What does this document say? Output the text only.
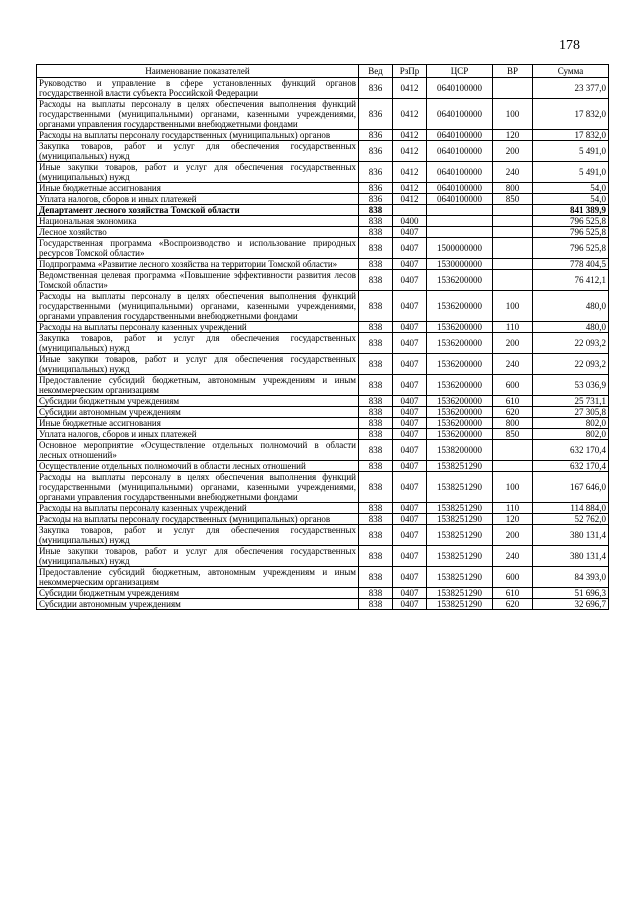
178
Наименование показателей	Вед	РзПр	ЦСР	ВР	Сумма
Руководство и управление в сфере установленных функций органов государственной власти субъекта Российской Федерации	836	0412	0640100000		23 377,0
Расходы на выплаты персоналу в целях обеспечения выполнения функций государственными (муниципальными) органами, казенными учреждениями, органами управления государственными внебюджетными фондами	836	0412	0640100000	100	17 832,0
Расходы на выплаты персоналу государственных (муниципальных) органов	836	0412	0640100000	120	17 832,0
Закупка товаров, работ и услуг для обеспечения государственных (муниципальных) нужд	836	0412	0640100000	200	5 491,0
Иные закупки товаров, работ и услуг для обеспечения государственных (муниципальных) нужд	836	0412	0640100000	240	5 491,0
Иные бюджетные ассигнования	836	0412	0640100000	800	54,0
Уплата налогов, сборов и иных платежей	836	0412	0640100000	850	54,0
Департамент лесного хозяйства Томской области	838				841 389,9
Национальная экономика	838	0400			796 525,8
Лесное хозяйство	838	0407			796 525,8
Государственная программа «Воспроизводство и использование природных ресурсов Томской области»	838	0407	1500000000		796 525,8
Подпрограмма «Развитие лесного хозяйства на территории Томской области»	838	0407	1530000000		778 404,5
Ведомственная целевая программа «Повышение эффективности развития лесов Томской области»	838	0407	1536200000		76 412,1
Расходы на выплаты персоналу в целях обеспечения выполнения функций государственными (муниципальными) органами, казенными учреждениями, органами управления государственными внебюджетными фондами	838	0407	1536200000	100	480,0
Расходы на выплаты персоналу казенных учреждений	838	0407	1536200000	110	480,0
Закупка товаров, работ и услуг для обеспечения государственных (муниципальных) нужд	838	0407	1536200000	200	22 093,2
Иные закупки товаров, работ и услуг для обеспечения государственных (муниципальных) нужд	838	0407	1536200000	240	22 093,2
Предоставление субсидий бюджетным, автономным учреждениям и иным некоммерческим организациям	838	0407	1536200000	600	53 036,9
Субсидии бюджетным учреждениям	838	0407	1536200000	610	25 731,1
Субсидии автономным учреждениям	838	0407	1536200000	620	27 305,8
Иные бюджетные ассигнования	838	0407	1536200000	800	802,0
Уплата налогов, сборов и иных платежей	838	0407	1536200000	850	802,0
Основное мероприятие «Осуществление отдельных полномочий в области лесных отношений»	838	0407	1538200000		632 170,4
Осуществление отдельных полномочий в области лесных отношений	838	0407	1538251290		632 170,4
Расходы на выплаты персоналу в целях обеспечения выполнения функций государственными (муниципальными) органами, казенными учреждениями, органами управления государственными внебюджетными фондами	838	0407	1538251290	100	167 646,0
Расходы на выплаты персоналу казенных учреждений	838	0407	1538251290	110	114 884,0
Расходы на выплаты персоналу государственных (муниципальных) органов	838	0407	1538251290	120	52 762,0
Закупка товаров, работ и услуг для обеспечения государственных (муниципальных) нужд	838	0407	1538251290	200	380 131,4
Иные закупки товаров, работ и услуг для обеспечения государственных (муниципальных) нужд	838	0407	1538251290	240	380 131,4
Предоставление субсидий бюджетным, автономным учреждениям и иным некоммерческим организациям	838	0407	1538251290	600	84 393,0
Субсидии бюджетным учреждениям	838	0407	1538251290	610	51 696,3
Субсидии автономным учреждениям	838	0407	1538251290	620	32 696,7
